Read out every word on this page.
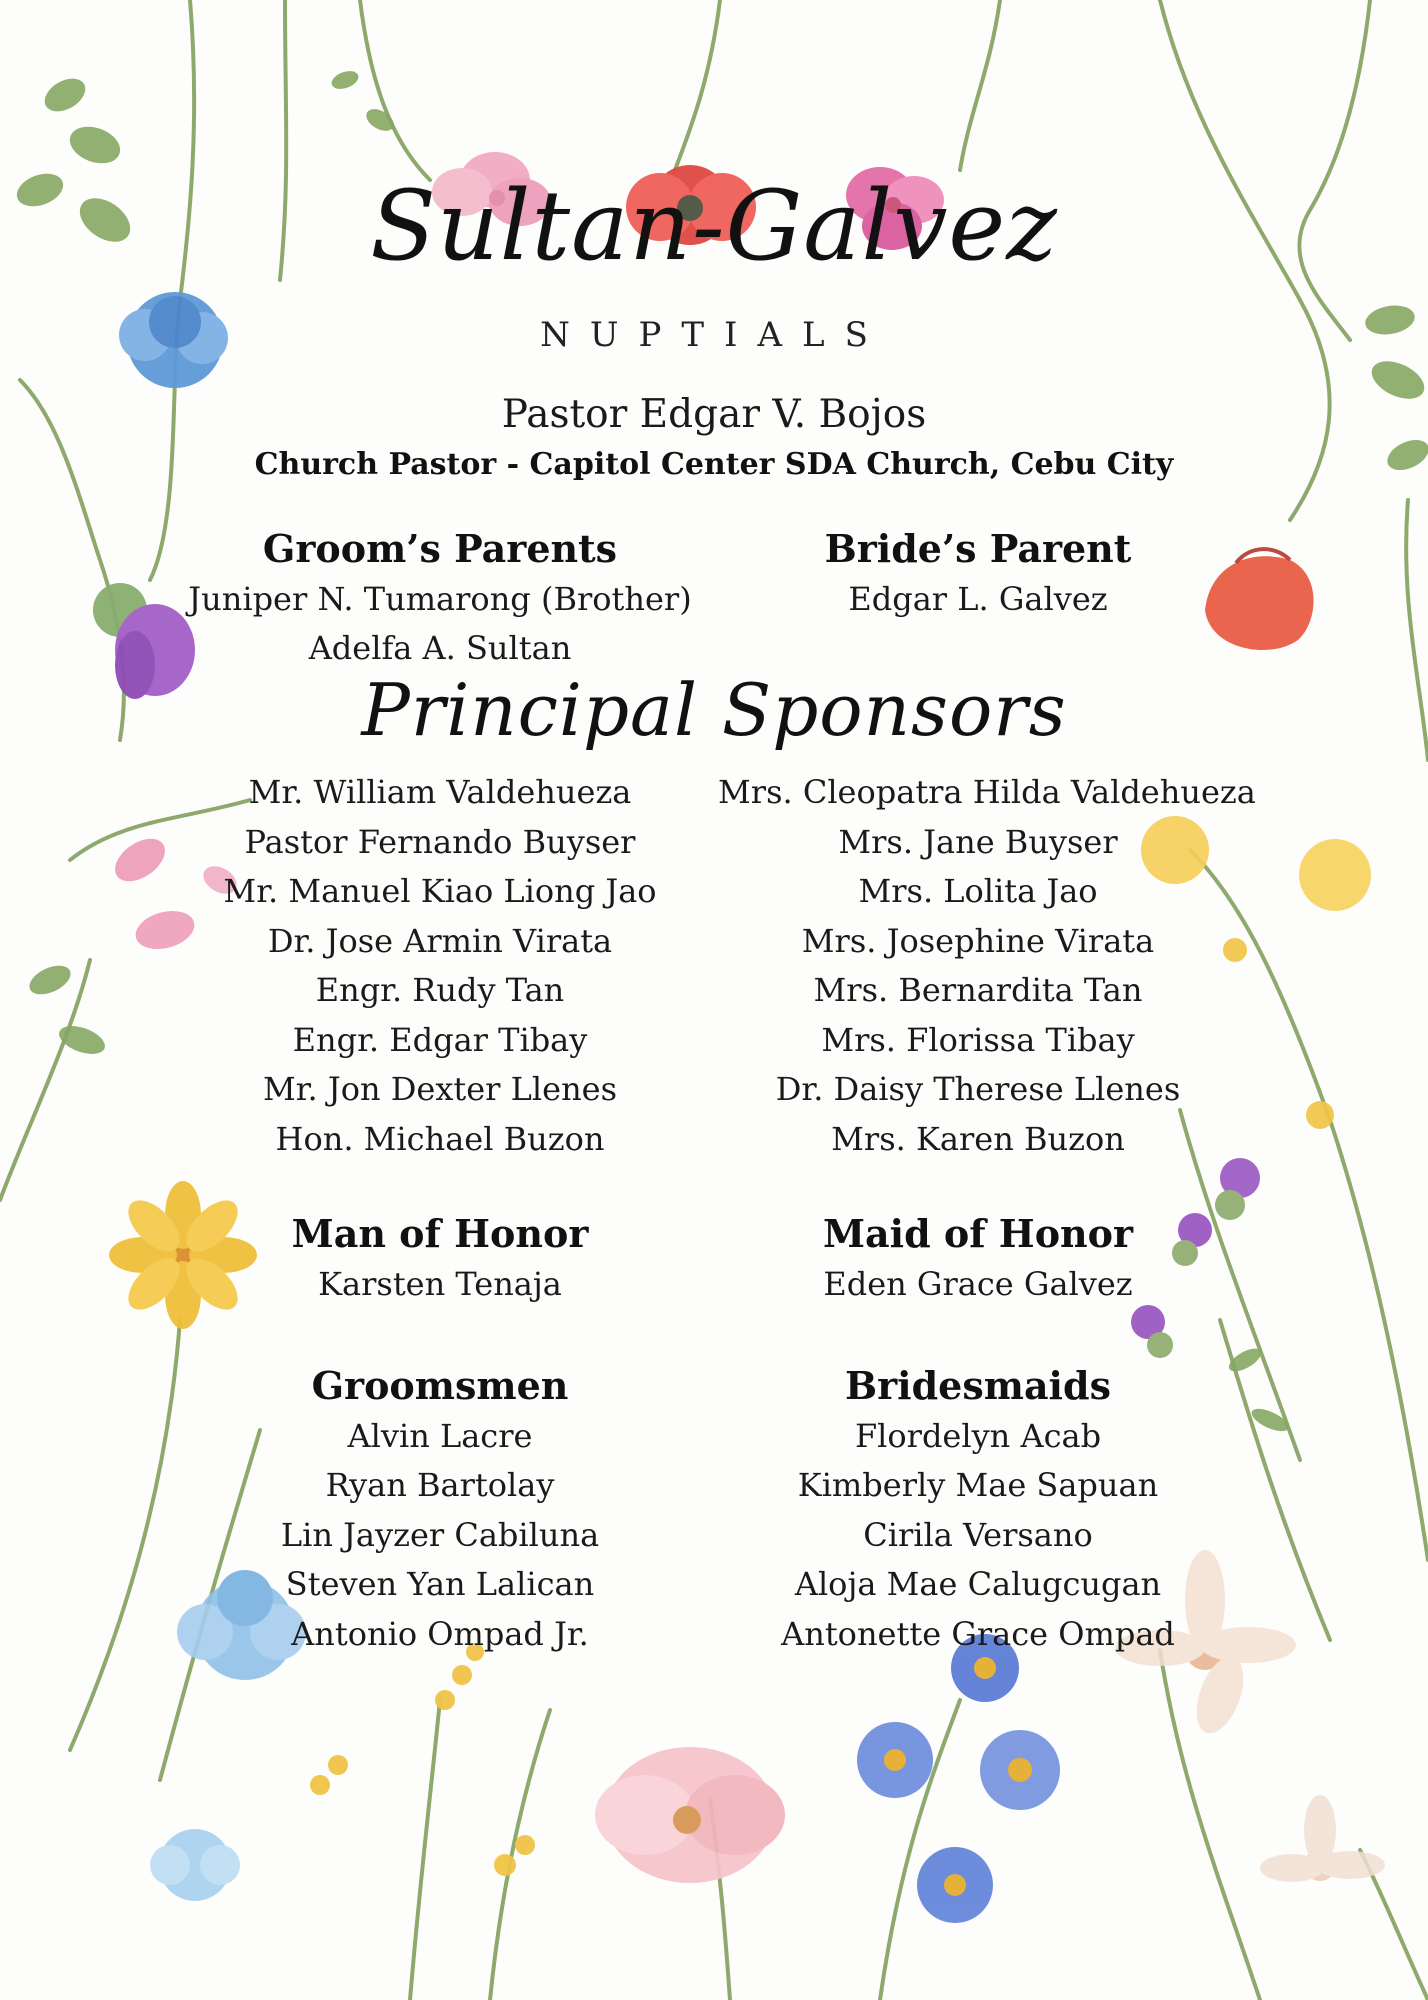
Sultan-Galvez
NUPTIALS
Pastor Edgar V. Bojos
Church Pastor - Capitol Center SDA Church, Cebu City
Groom’s Parents
Juniper N. Tumarong (Brother)
Adelfa A. Sultan
Bride’s Parent
Edgar L. Galvez
Principal Sponsors
Mr. William Valdehueza
Pastor Fernando Buyser
Mr. Manuel Kiao Liong Jao
Dr. Jose Armin Virata
Engr. Rudy Tan
Engr. Edgar Tibay
Mr. Jon Dexter Llenes
Hon. Michael Buzon
Mrs. Cleopatra Hilda Valdehueza
Mrs. Jane Buyser
Mrs. Lolita Jao
Mrs. Josephine Virata
Mrs. Bernardita Tan
Mrs. Florissa Tibay
Dr. Daisy Therese Llenes
Mrs. Karen Buzon
Man of Honor
Karsten Tenaja
Maid of Honor
Eden Grace Galvez
Groomsmen
Alvin Lacre
Ryan Bartolay
Lin Jayzer Cabiluna
Steven Yan Lalican
Antonio Ompad Jr.
Bridesmaids
Flordelyn Acab
Kimberly Mae Sapuan
Cirila Versano
Aloja Mae Calugcugan
Antonette Grace Ompad
